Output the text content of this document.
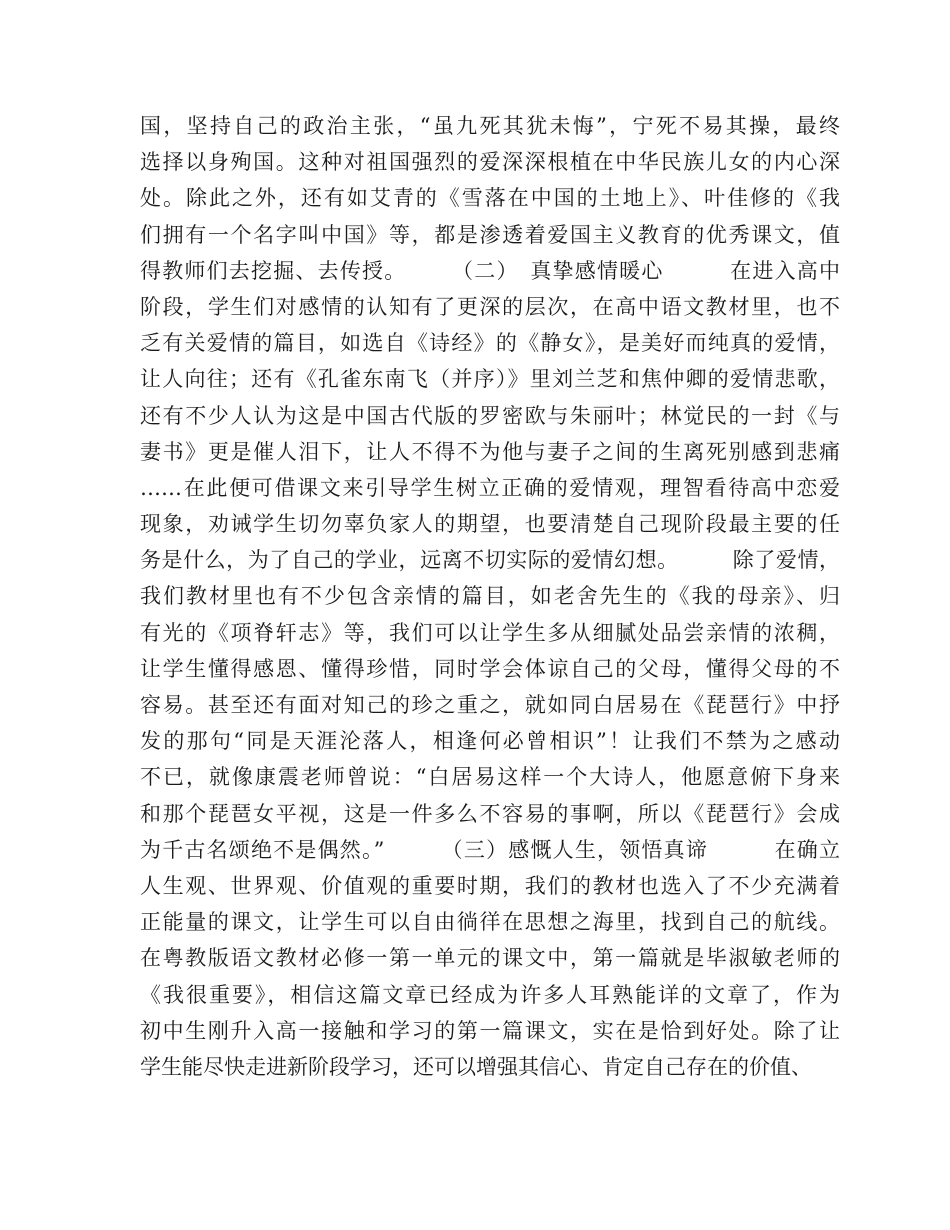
国，坚持自己的政治主张，“虽九死其犹未悔”，宁死不易其操，最终
选择以身殉国。这种对祖国强烈的爱深深根植在中华民族儿女的内心深
处。除此之外，还有如艾青的《雪落在中国的土地上》、叶佳修的《我
们拥有一个名字叫中国》等，都是渗透着爱国主义教育的优秀课文，值
得教师们去挖掘、去传授。　　　（二）　真挚感情暖心　　　在进入高中
阶段，学生们对感情的认知有了更深的层次，在高中语文教材里，也不
乏有关爱情的篇目，如选自《诗经》的《静女》，是美好而纯真的爱情，
让人向往；还有《孔雀东南飞（并序）》里刘兰芝和焦仲卿的爱情悲歌，
还有不少人认为这是中国古代版的罗密欧与朱丽叶；林觉民的一封《与
妻书》更是催人泪下，让人不得不为他与妻子之间的生离死别感到悲痛
……在此便可借课文来引导学生树立正确的爱情观，理智看待高中恋爱
现象，劝诫学生切勿辜负家人的期望，也要清楚自己现阶段最主要的任
务是什么，为了自己的学业，远离不切实际的爱情幻想。　　　除了爱情，
我们教材里也有不少包含亲情的篇目，如老舍先生的《我的母亲》、归
有光的《项脊轩志》等，我们可以让学生多从细腻处品尝亲情的浓稠，
让学生懂得感恩、懂得珍惜，同时学会体谅自己的父母，懂得父母的不
容易。甚至还有面对知己的珍之重之，就如同白居易在《琵琶行》中抒
发的那句“同是天涯沦落人，相逢何必曾相识”！让我们不禁为之感动
不已，就像康震老师曾说：“白居易这样一个大诗人，他愿意俯下身来
和那个琵琶女平视，这是一件多么不容易的事啊，所以《琵琶行》会成
为千古名颂绝不是偶然。”　　　（三）感慨人生，领悟真谛　　　在确立
人生观、世界观、价值观的重要时期，我们的教材也选入了不少充满着
正能量的课文，让学生可以自由徜徉在思想之海里，找到自己的航线。
在粤教版语文教材必修一第一单元的课文中，第一篇就是毕淑敏老师的
《我很重要》，相信这篇文章已经成为许多人耳熟能详的文章了，作为
初中生刚升入高一接触和学习的第一篇课文，实在是恰到好处。除了让
学生能尽快走进新阶段学习，还可以增强其信心、肯定自己存在的价值、
